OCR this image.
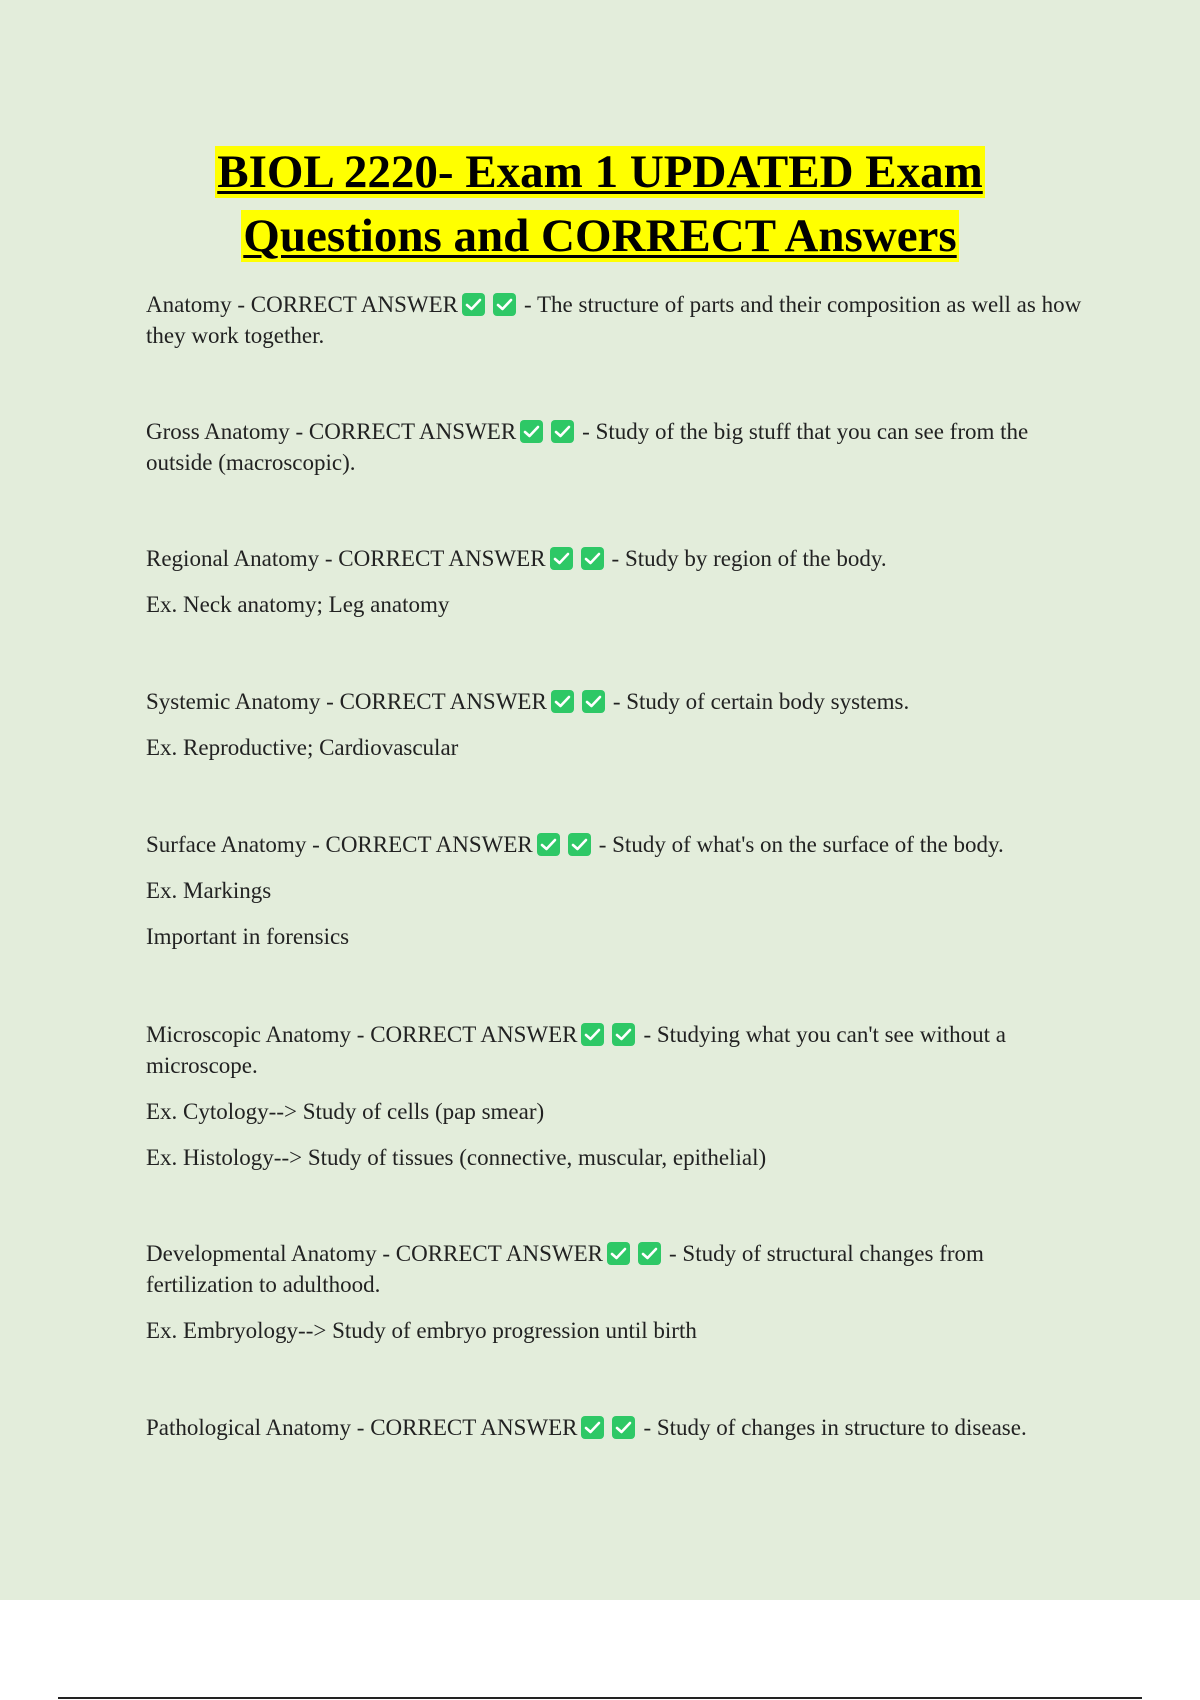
BIOL 2220- Exam 1 UPDATED Exam
Questions and CORRECT Answers

Anatomy - CORRECT ANSWER	- The structure of parts and their composition as well as how they work together.

Gross Anatomy - CORRECT ANSWER	- Study of the big stuff that you can see from the outside (macroscopic).

Regional Anatomy - CORRECT ANSWER	- Study by region of the body.

Ex. Neck anatomy; Leg anatomy

Systemic Anatomy - CORRECT ANSWER	- Study of certain body systems.

Ex. Reproductive; Cardiovascular

Surface Anatomy - CORRECT ANSWER	- Study of what's on the surface of the body.

Ex. Markings

Important in forensics

Microscopic Anatomy - CORRECT ANSWER	- Studying what you can't see without a microscope.

Ex. Cytology--> Study of cells (pap smear)

Ex. Histology--> Study of tissues (connective, muscular, epithelial)

Developmental Anatomy - CORRECT ANSWER	- Study of structural changes from fertilization to adulthood.

Ex. Embryology--> Study of embryo progression until birth

Pathological Anatomy - CORRECT ANSWER	- Study of changes in structure to disease.
